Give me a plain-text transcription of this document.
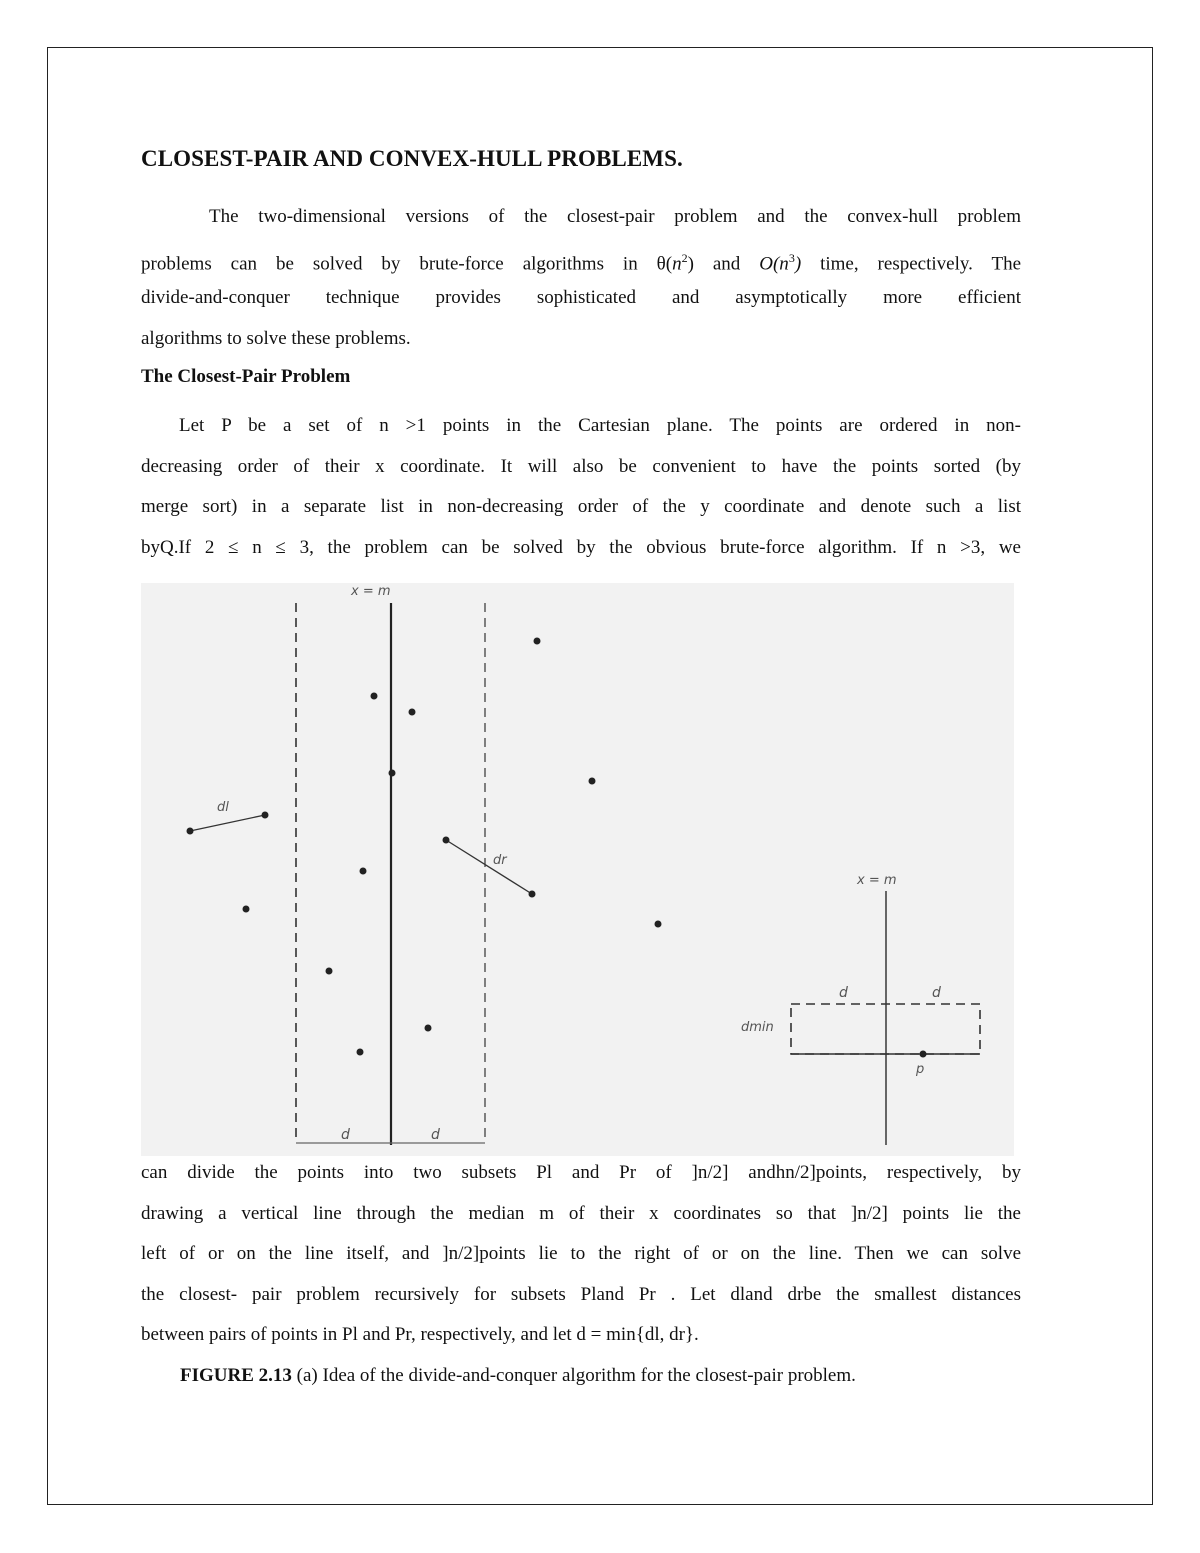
CLOSEST-PAIR AND CONVEX-HULL PROBLEMS.
The two-dimensional versions of the closest-pair problem and the convex-hull problem
problems can be solved by brute-force algorithms in $\theta(n^2)$ and $O(n^3)$ time, respectively. The
divide-and-conquer technique provides sophisticated and asymptotically more efficient
algorithms to solve these problems.
The Closest-Pair Problem
Let P be a set of n >1 points in the Cartesian plane. The points are ordered in non-
decreasing order of their x coordinate. It will also be convenient to have the points sorted (by
merge sort) in a separate list in non-decreasing order of the y coordinate and denote such a list
byQ.If 2 ≤ n ≤ 3, the problem can be solved by the obvious brute-force algorithm. If n >3, we
x = m
d	d
dl
dr
x = m
d	d
dmin
p
can divide the points into two subsets Pl and Pr of ]n/2] andhn/2]points, respectively, by
drawing a vertical line through the median m of their x coordinates so that ]n/2] points lie the
left of or on the line itself, and ]n/2]points lie to the right of or on the line. Then we can solve
the closest- pair problem recursively for subsets Pland Pr . Let dland drbe the smallest distances
between pairs of points in Pl and Pr, respectively, and let d = min{dl, dr}.

FIGURE 2.13 (a) Idea of the divide-and-conquer algorithm for the closest-pair problem.
